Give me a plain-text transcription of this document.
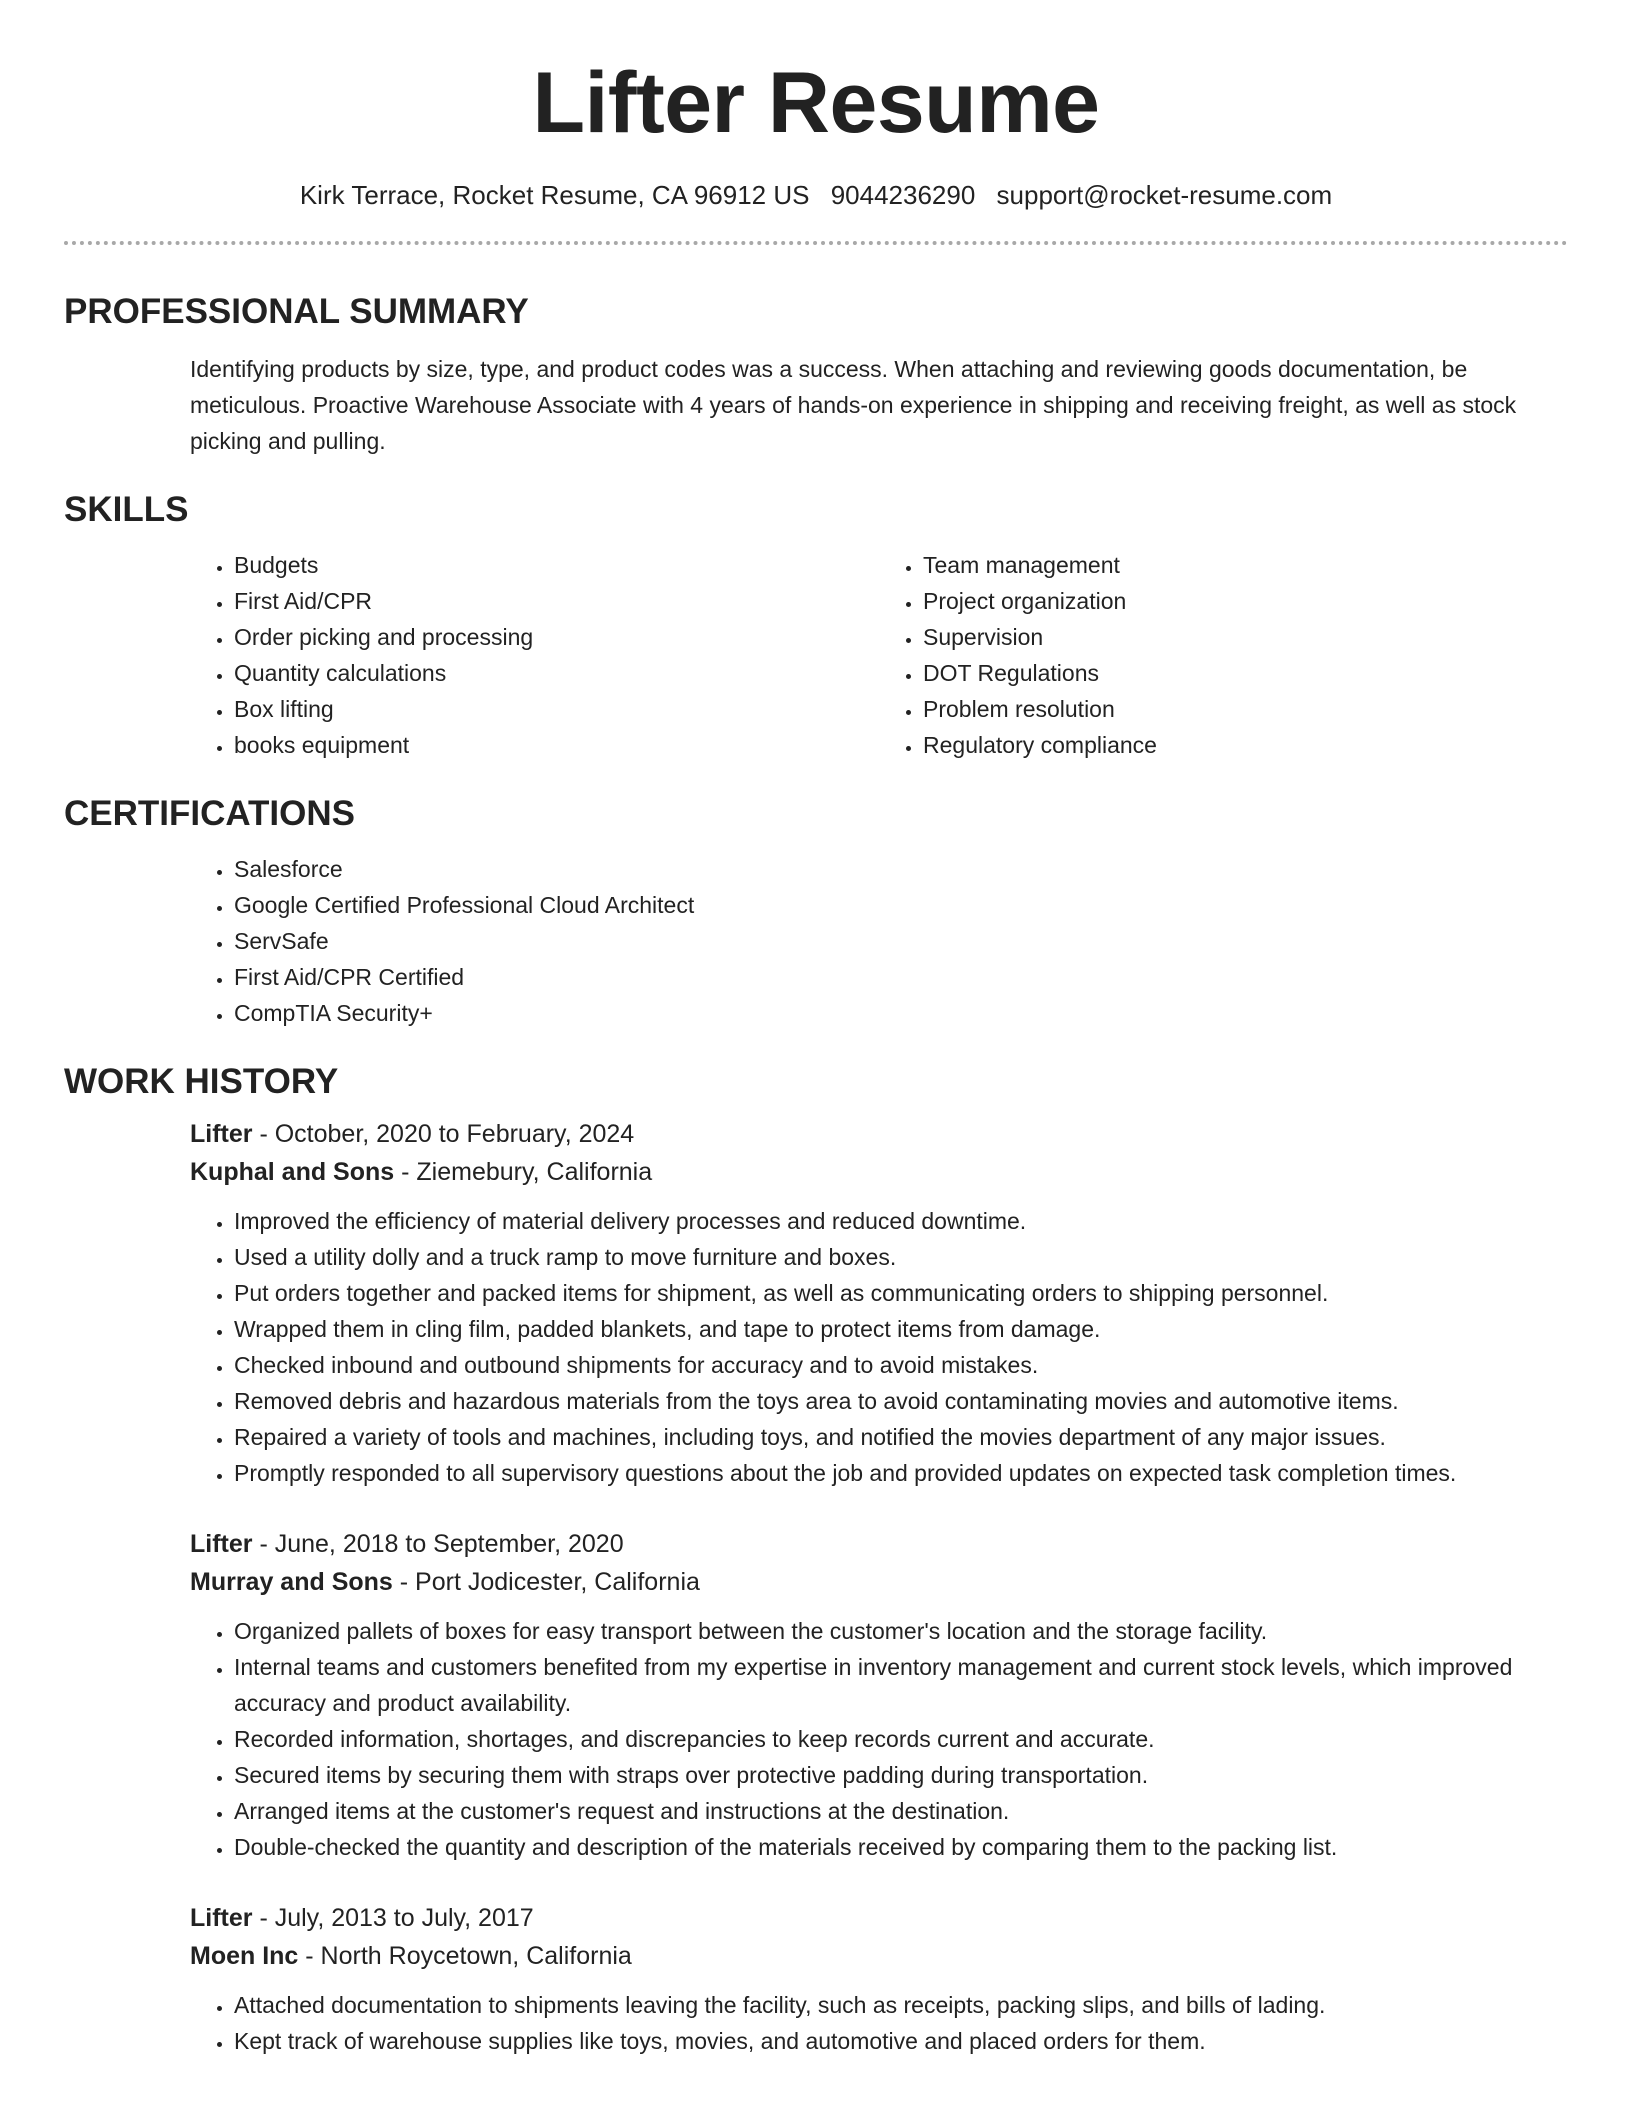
Lifter Resume
Kirk Terrace, Rocket Resume, CA 96912 US 9044236290 support@rocket-resume.com
PROFESSIONAL SUMMARY

Identifying products by size, type, and product codes was a success. When attaching and reviewing goods documentation, be meticulous. Proactive Warehouse Associate with 4 years of hands-on experience in shipping and receiving freight, as well as stock picking and pulling.

SKILLS
• Budgets
• First Aid/CPR
• Order picking and processing
• Quantity calculations
• Box lifting
• books equipment
• Team management
• Project organization
• Supervision
• DOT Regulations
• Problem resolution
• Regulatory compliance
CERTIFICATIONS
• Salesforce
• Google Certified Professional Cloud Architect
• ServSafe
• First Aid/CPR Certified
• CompTIA Security+
WORK HISTORY

Lifter - October, 2020 to February, 2024

Kuphal and Sons - Ziemebury, California

• Improved the efficiency of material delivery processes and reduced downtime.
• Used a utility dolly and a truck ramp to move furniture and boxes.
• Put orders together and packed items for shipment, as well as communicating orders to shipping personnel.
• Wrapped them in cling film, padded blankets, and tape to protect items from damage.
• Checked inbound and outbound shipments for accuracy and to avoid mistakes.
• Removed debris and hazardous materials from the toys area to avoid contaminating movies and automotive items.
• Repaired a variety of tools and machines, including toys, and notified the movies department of any major issues.
• Promptly responded to all supervisory questions about the job and provided updates on expected task completion times.

Lifter - June, 2018 to September, 2020

Murray and Sons - Port Jodicester, California

• Organized pallets of boxes for easy transport between the customer's location and the storage facility.
• Internal teams and customers benefited from my expertise in inventory management and current stock levels, which improved accuracy and product availability.
• Recorded information, shortages, and discrepancies to keep records current and accurate.
• Secured items by securing them with straps over protective padding during transportation.
• Arranged items at the customer's request and instructions at the destination.
• Double-checked the quantity and description of the materials received by comparing them to the packing list.

Lifter - July, 2013 to July, 2017

Moen Inc - North Roycetown, California

• Attached documentation to shipments leaving the facility, such as receipts, packing slips, and bills of lading.
• Kept track of warehouse supplies like toys, movies, and automotive and placed orders for them.
